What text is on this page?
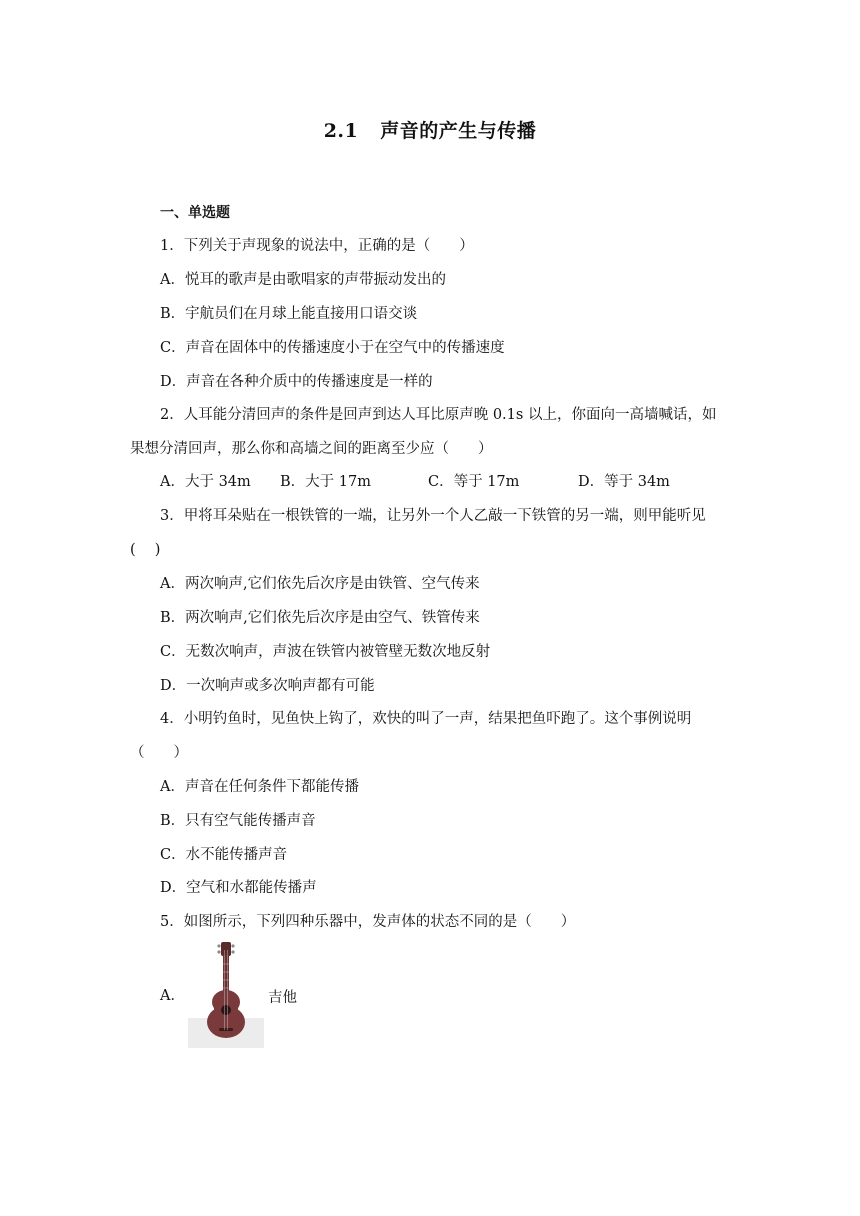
2.1 声音的产生与传播
一、单选题
1．下列关于声现象的说法中，正确的是（　　）
A．悦耳的歌声是由歌唱家的声带振动发出的
B．宇航员们在月球上能直接用口语交谈
C．声音在固体中的传播速度小于在空气中的传播速度
D．声音在各种介质中的传播速度是一样的
2．人耳能分清回声的条件是回声到达人耳比原声晚 0.1s 以上，你面向一高墙喊话，如
果想分清回声，那么你和高墙之间的距离至少应（　　）
A．大于 34m B．大于 17m	C．等于 17m	D．等于 34m
3．甲将耳朵贴在一根铁管的一端，让另外一个人乙敲一下铁管的另一端，则甲能听见
(　 )
A．两次响声,它们依先后次序是由铁管、空气传来
B．两次响声,它们依先后次序是由空气、铁管传来
C．无数次响声，声波在铁管内被管壁无数次地反射
D．一次响声或多次响声都有可能
4．小明钓鱼时，见鱼快上钩了，欢快的叫了一声，结果把鱼吓跑了。这个事例说明
（　　）
A．声音在任何条件下都能传播
B．只有空气能传播声音
C．水不能传播声音
D．空气和水都能传播声
5．如图所示，下列四种乐器中，发声体的状态不同的是（　　）
A．	吉他
